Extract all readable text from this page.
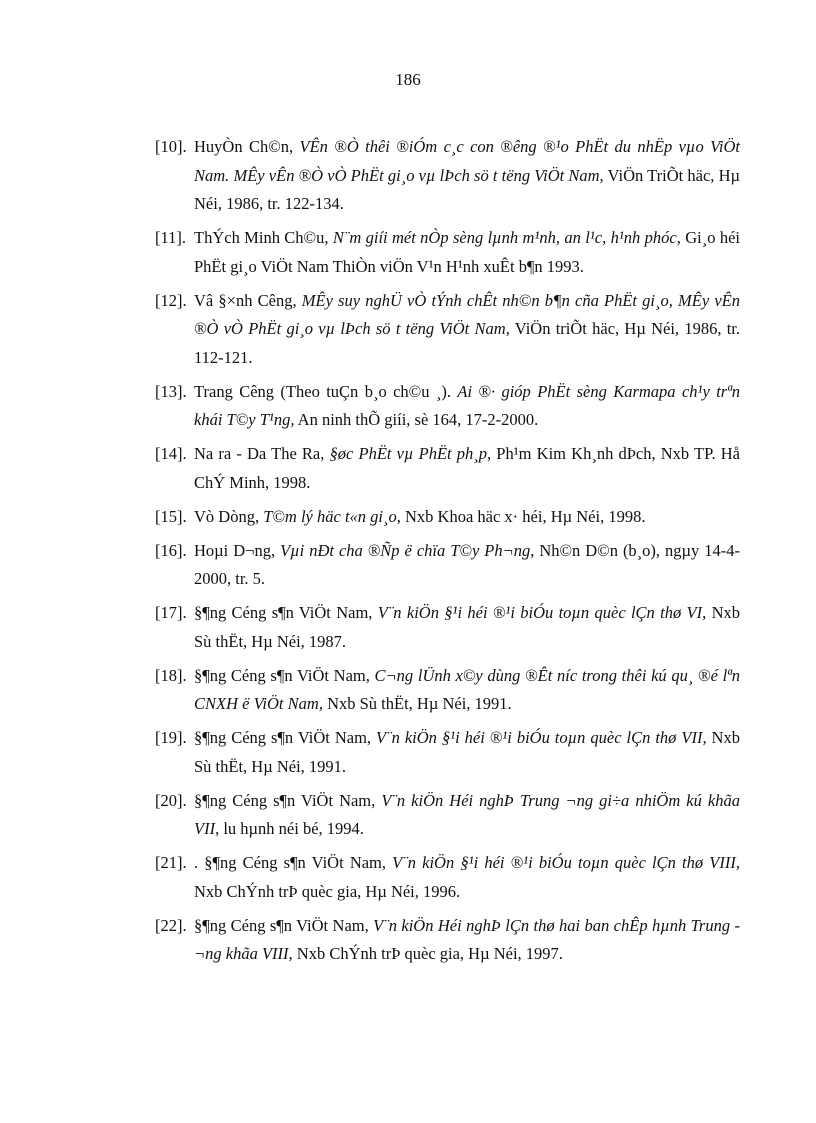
186
[10]. HuyÒn Ch©n, VÊn ®Ò thêi ®iÓm c¸c con ®êng ®¹o PhËt du nhËp vµo ViÖt Nam. MÊy vÊn ®Ò vÒ PhËt gi¸o vµ lÞch sö t tëng ViÖt Nam, ViÖn TriÕt häc, Hµ Néi, 1986, tr. 122-134.
[11]. ThÝch Minh Ch©u, N¨m giíi mét nÒp sèng lµnh m¹nh, an l¹c, h¹nh phóc, Gi¸o héi PhËt gi¸o ViÖt Nam ThiÒn viÖn V¹n H¹nh xuÊt b¶n 1993.
[12]. Vâ §×nh Cêng, MÊy suy nghÜ vÒ tÝnh chÊt nh©n b¶n cña PhËt gi¸o, MÊy vÊn ®Ò vÒ PhËt gi¸o vµ lÞch sö t tëng ViÖt Nam, ViÖn triÕt häc, Hµ Néi, 1986, tr. 112-121.
[13]. Trang Cêng (Theo tuÇn b¸o ch©u ¸). Ai ®· gióp PhËt sèng Karmapa ch¹y trªn khái T©y T¹ng, An ninh thÕ giíi, sè 164, 17-2-2000.
[14]. Na ra - Da The Ra, §øc PhËt vµ PhËt ph¸p, Ph¹m Kim Kh¸nh dÞch, Nxb TP. Hå ChÝ Minh, 1998.
[15]. Vò Dòng, T©m lý häc t«n gi¸o, Nxb Khoa häc x· héi, Hµ Néi, 1998.
[16]. Hoµi D¬ng, Vµi nÐt cha ®Ñp ë chïa T©y Ph¬ng, Nh©n D©n (b¸o), ngµy 14-4-2000, tr. 5.
[17]. §¶ng Céng s¶n ViÖt Nam, V¨n kiÖn §¹i héi ®¹i biÓu toµn quèc lÇn thø VI, Nxb Sù thËt, Hµ Néi, 1987.
[18]. §¶ng Céng s¶n ViÖt Nam, C¬ng lÜnh x©y dùng ®Êt níc trong thêi kú qu¸ ®é lªn CNXH ë ViÖt Nam, Nxb Sù thËt, Hµ Néi, 1991.
[19]. §¶ng Céng s¶n ViÖt Nam, V¨n kiÖn §¹i héi ®¹i biÓu toµn quèc lÇn thø VII, Nxb Sù thËt, Hµ Néi, 1991.
[20]. §¶ng Céng s¶n ViÖt Nam, V¨n kiÖn Héi nghÞ Trung ¬ng gi÷a nhiÖm kú khãa VII, lu hµnh néi bé, 1994.
[21]. . §¶ng Céng s¶n ViÖt Nam, V¨n kiÖn §¹i héi ®¹i biÓu toµn quèc lÇn thø VIII, Nxb ChÝnh trÞ quèc gia, Hµ Néi, 1996.
[22]. §¶ng Céng s¶n ViÖt Nam, V¨n kiÖn Héi nghÞ lÇn thø hai ban chÊp hµnh Trung ¬ng khãa VIII, Nxb ChÝnh trÞ quèc gia, Hµ Néi, 1997.
